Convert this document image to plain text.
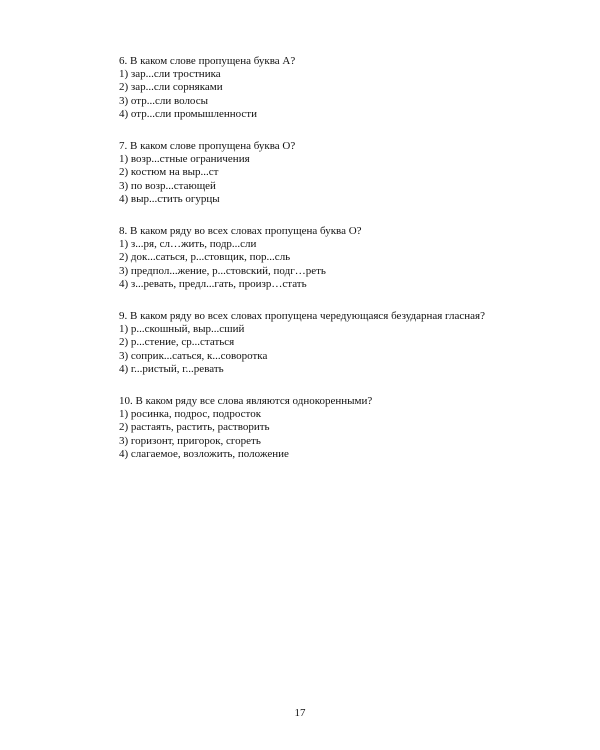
6. В каком слове пропущена буква А?
1) зар...сли тростника
2) зар...сли сорняками
3) отр...сли волосы
4) отр...сли промышленности
7. В каком слове пропущена буква О?
1) возр...стные ограничения
2) костюм на выр...ст
3) по возр...стающей
4) выр...стить огурцы
8. В каком ряду во всех словах пропущена буква О?
1) з...ря, сл…жить, подр...сли
2) док...саться, р...стовщик, пор...сль
3) предпол...жение, р...стовский, подг…реть
4) з...ревать, предл...гать, произр…стать
9. В каком ряду во всех словах пропущена чередующаяся безударная гласная?
1) р...скошный, выр...сший
2) р...стение, ср...статься
3) соприк...саться, к...соворотка
4) г...ристый, г...ревать
10. В каком ряду все слова являются однокоренными?
1) росинка, подрос, подросток
2) растаять, растить, растворить
3) горизонт, пригорок, сгореть
4) слагаемое, возложить, положение
17
